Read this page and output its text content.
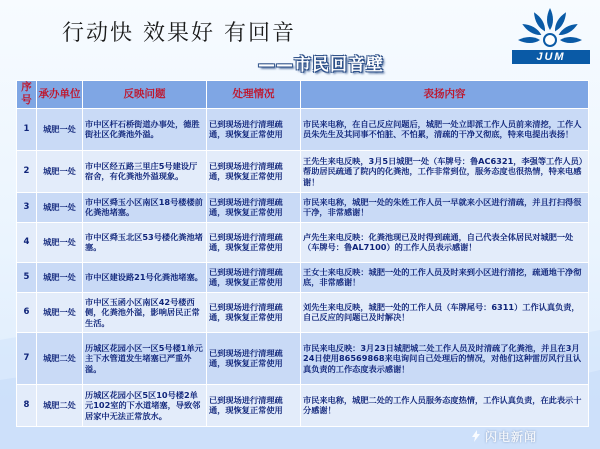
行动快 效果好 有回音
——市民回音壁	JUM
序号	承办单位	反映问题	处理情况	表扬内容
1	城肥一处	市中区杆石桥街道办事处，德胜街社区化粪池外溢。	已到现场进行清理疏通，现恢复正常使用	市民来电称，在自己反应问题后，城肥一处立即派工作人员前来清挖，工作人员朱先生及其同事不怕脏、不怕累，清疏的干净又彻底，特来电提出表扬！
2	城肥一处	市中区经五路三里庄5号建设厅宿舍，有化粪池外溢现象。	已到现场进行清理疏通，现恢复正常使用	王先生来电反映，3月5日城肥一处（车牌号：鲁AC6321，李强等工作人员）帮助居民疏通了院内的化粪池，工作非常到位，服务态度也很热情，特来电感谢！
3	城肥一处	市中区舜玉小区南区18号楼楼前化粪池堵塞。	已到现场进行清理疏通，现恢复正常使用	市民来电称，城肥一处的朱姓工作人员一早就来小区进行清疏，并且打扫得很干净，非常感谢！
4	城肥一处	市中区舜玉北区53号楼化粪池堵塞。	已到现场进行清理疏通，现恢复正常使用	卢先生来电反映：化粪池现已及时得到疏通，自己代表全体居民对城肥一处（车牌号：鲁AL7100）的工作人员表示感谢！
5	城肥一处	市中区建设路21号化粪池堵塞。	已到现场进行清理疏通，现恢复正常使用	王女士来电反映：城肥一处的工作人员及时来到小区进行清挖，疏通地干净彻底，非常感谢！
6	城肥一处	市中区玉函小区南区42号楼西侧，化粪池外溢，影响居民正常生活。	已到现场进行清理疏通，现恢复正常使用	刘先生来电反映，城肥一处的工作人员（车牌尾号：6311）工作认真负责，自己反应的问题已及时解决！
7	城肥二处	历城区花园小区一区5号楼1单元主下水管道发生堵塞已严重外溢。	已到现场进行清理疏通，现恢复正常使用	市民来电反映：3月23日城肥城二处工作人员及时清疏了化粪池，并且在3月24日使用86569868来电询问自己处理后的情况，对他们这种雷厉风行且认真负责的工作态度表示感谢！
8	城肥二处	历城区花园小区5区10号楼2单元102室的下水道堵塞，导致邻居家中无法正常放水。	已到现场进行清理疏通，现恢复正常使用	市民来电称，城肥二处的工作人员服务态度热情，工作认真负责，在此表示十分感谢！
闪电新闻
